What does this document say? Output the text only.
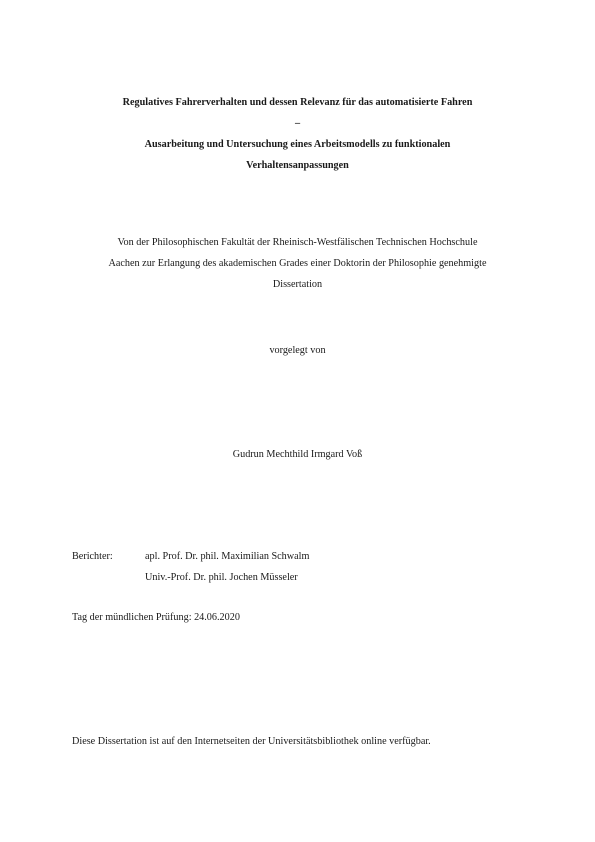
Regulatives Fahrerverhalten und dessen Relevanz für das automatisierte Fahren
–
Ausarbeitung und Untersuchung eines Arbeitsmodells zu funktionalen
Verhaltensanpassungen
Von der Philosophischen Fakultät der Rheinisch-Westfälischen Technischen Hochschule
Aachen zur Erlangung des akademischen Grades einer Doktorin der Philosophie genehmigte
Dissertation
vorgelegt von
Gudrun Mechthild Irmgard Voß
Berichter:	apl. Prof. Dr. phil. Maximilian Schwalm
Univ.-Prof. Dr. phil. Jochen Müsseler
Tag der mündlichen Prüfung: 24.06.2020
Diese Dissertation ist auf den Internetseiten der Universitätsbibliothek online verfügbar.
